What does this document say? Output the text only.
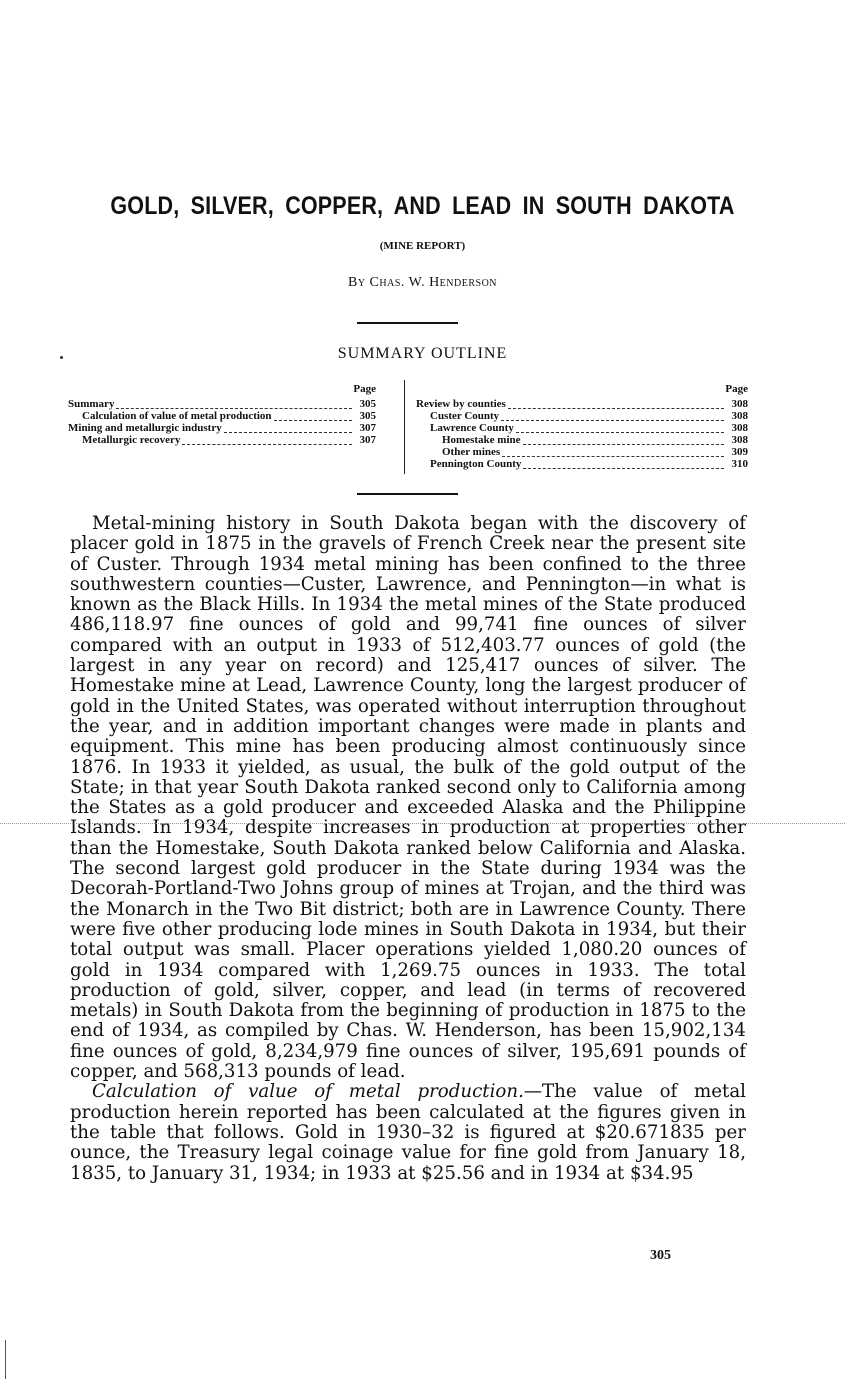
GOLD, SILVER, COPPER, AND LEAD IN SOUTH DAKOTA
(MINE REPORT)
By Chas. W. Henderson
SUMMARY OUTLINE
Page
Summary	305
Calculation of value of metal production	305
Mining and metallurgic industry	307
Metallurgic recovery	307
Page
Review by counties	308
Custer County	308
Lawrence County	308
Homestake mine	308
Other mines	309
Pennington County	310

Metal-mining history in South Dakota began with the discovery of placer gold in 1875 in the gravels of French Creek near the present site of Custer. Through 1934 metal mining has been confined to the three southwestern counties—Custer, Lawrence, and Pennington—in what is known as the Black Hills. In 1934 the metal mines of the State produced 486,118.97 fine ounces of gold and 99,741 fine ounces of silver compared with an output in 1933 of 512,403.77 ounces of gold (the largest in any year on record) and 125,417 ounces of silver. The Homestake mine at Lead, Lawrence County, long the largest producer of gold in the United States, was operated without interruption throughout the year, and in addition important changes were made in plants and equipment. This mine has been producing almost continuously since 1876. In 1933 it yielded, as usual, the bulk of the gold output of the State; in that year South Dakota ranked second only to California among the States as a gold producer and exceeded Alaska and the Philippine Islands. In 1934, despite increases in production at properties other than the Homestake, South Dakota ranked below California and Alaska. The second largest gold producer in the State during 1934 was the Decorah-Portland-Two Johns group of mines at Trojan, and the third was the Monarch in the Two Bit district; both are in Lawrence County. There were five other producing lode mines in South Dakota in 1934, but their total output was small. Placer operations yielded 1,080.20 ounces of gold in 1934 compared with 1,269.75 ounces in 1933. The total production of gold, silver, copper, and lead (in terms of recovered metals) in South Dakota from the beginning of production in 1875 to the end of 1934, as compiled by Chas. W. Henderson, has been 15,902,134 fine ounces of gold, 8,234,979 fine ounces of silver, 195,691 pounds of copper, and 568,313 pounds of lead.

Calculation of value of metal production.—The value of metal production herein reported has been calculated at the figures given in the table that follows. Gold in 1930–32 is figured at $20.671835 per ounce, the Treasury legal coinage value for fine gold from January 18, 1835, to January 31, 1934; in 1933 at $25.56 and in 1934 at $34.95

305
